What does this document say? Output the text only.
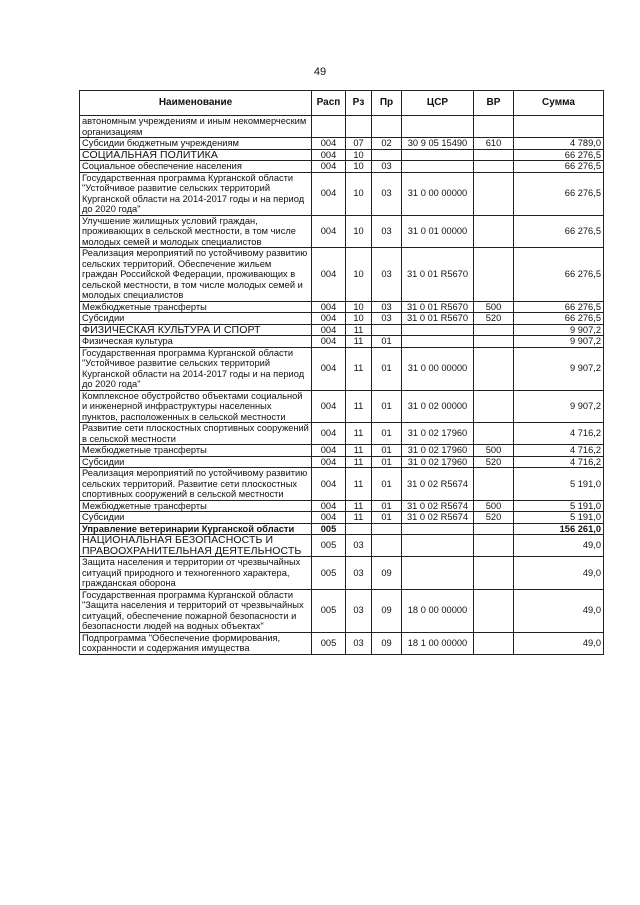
49
Наименование	Расп	Рз	Пр	ЦСР	ВР	Сумма
автономным учреждениям и иным некоммерческим организациям						
Субсидии бюджетным учреждениям	004	07	02	30 9 05 15490	610	4 789,0
СОЦИАЛЬНАЯ ПОЛИТИКА	004	10				66 276,5
Социальное обеспечение населения	004	10	03			66 276,5
Государственная программа Курганской области "Устойчивое развитие сельских территорий Курганской области на 2014-2017 годы и на период до 2020 года"	004	10	03	31 0 00 00000		66 276,5
Улучшение жилищных условий граждан, проживающих в сельской местности, в том числе молодых семей и молодых специалистов	004	10	03	31 0 01 00000		66 276,5
Реализация мероприятий по устойчивому развитию сельских территорий. Обеспечение жильем граждан Российской Федерации, проживающих в сельской местности, в том числе молодых семей и молодых специалистов	004	10	03	31 0 01 R5670		66 276,5
Межбюджетные трансферты	004	10	03	31 0 01 R5670	500	66 276,5
Субсидии	004	10	03	31 0 01 R5670	520	66 276,5
ФИЗИЧЕСКАЯ КУЛЬТУРА И СПОРТ	004	11				9 907,2
Физическая культура	004	11	01			9 907,2
Государственная программа Курганской области "Устойчивое развитие сельских территорий Курганской области на 2014-2017 годы и на период до 2020 года"	004	11	01	31 0 00 00000		9 907,2
Комплексное обустройство объектами социальной и инженерной инфраструктуры населенных пунктов, расположенных в сельской местности	004	11	01	31 0 02 00000		9 907,2
Развитие сети плоскостных спортивных сооружений в сельской местности	004	11	01	31 0 02 17960		4 716,2
Межбюджетные трансферты	004	11	01	31 0 02 17960	500	4 716,2
Субсидии	004	11	01	31 0 02 17960	520	4 716,2
Реализация мероприятий по устойчивому развитию сельских территорий. Развитие сети плоскостных спортивных сооружений в сельской местности	004	11	01	31 0 02 R5674		5 191,0
Межбюджетные трансферты	004	11	01	31 0 02 R5674	500	5 191,0
Субсидии	004	11	01	31 0 02 R5674	520	5 191,0
Управление ветеринарии Курганской области	005					156 261,0
НАЦИОНАЛЬНАЯ БЕЗОПАСНОСТЬ И ПРАВООХРАНИТЕЛЬНАЯ ДЕЯТЕЛЬНОСТЬ	005	03				49,0
Защита населения и территории от чрезвычайных ситуаций природного и техногенного характера, гражданская оборона	005	03	09			49,0
Государственная программа Курганской области "Защита населения и территорий от чрезвычайных ситуаций, обеспечение пожарной безопасности и безопасности людей на водных объектах"	005	03	09	18 0 00 00000		49,0
Подпрограмма "Обеспечение формирования, сохранности и содержания имущества	005	03	09	18 1 00 00000		49,0
